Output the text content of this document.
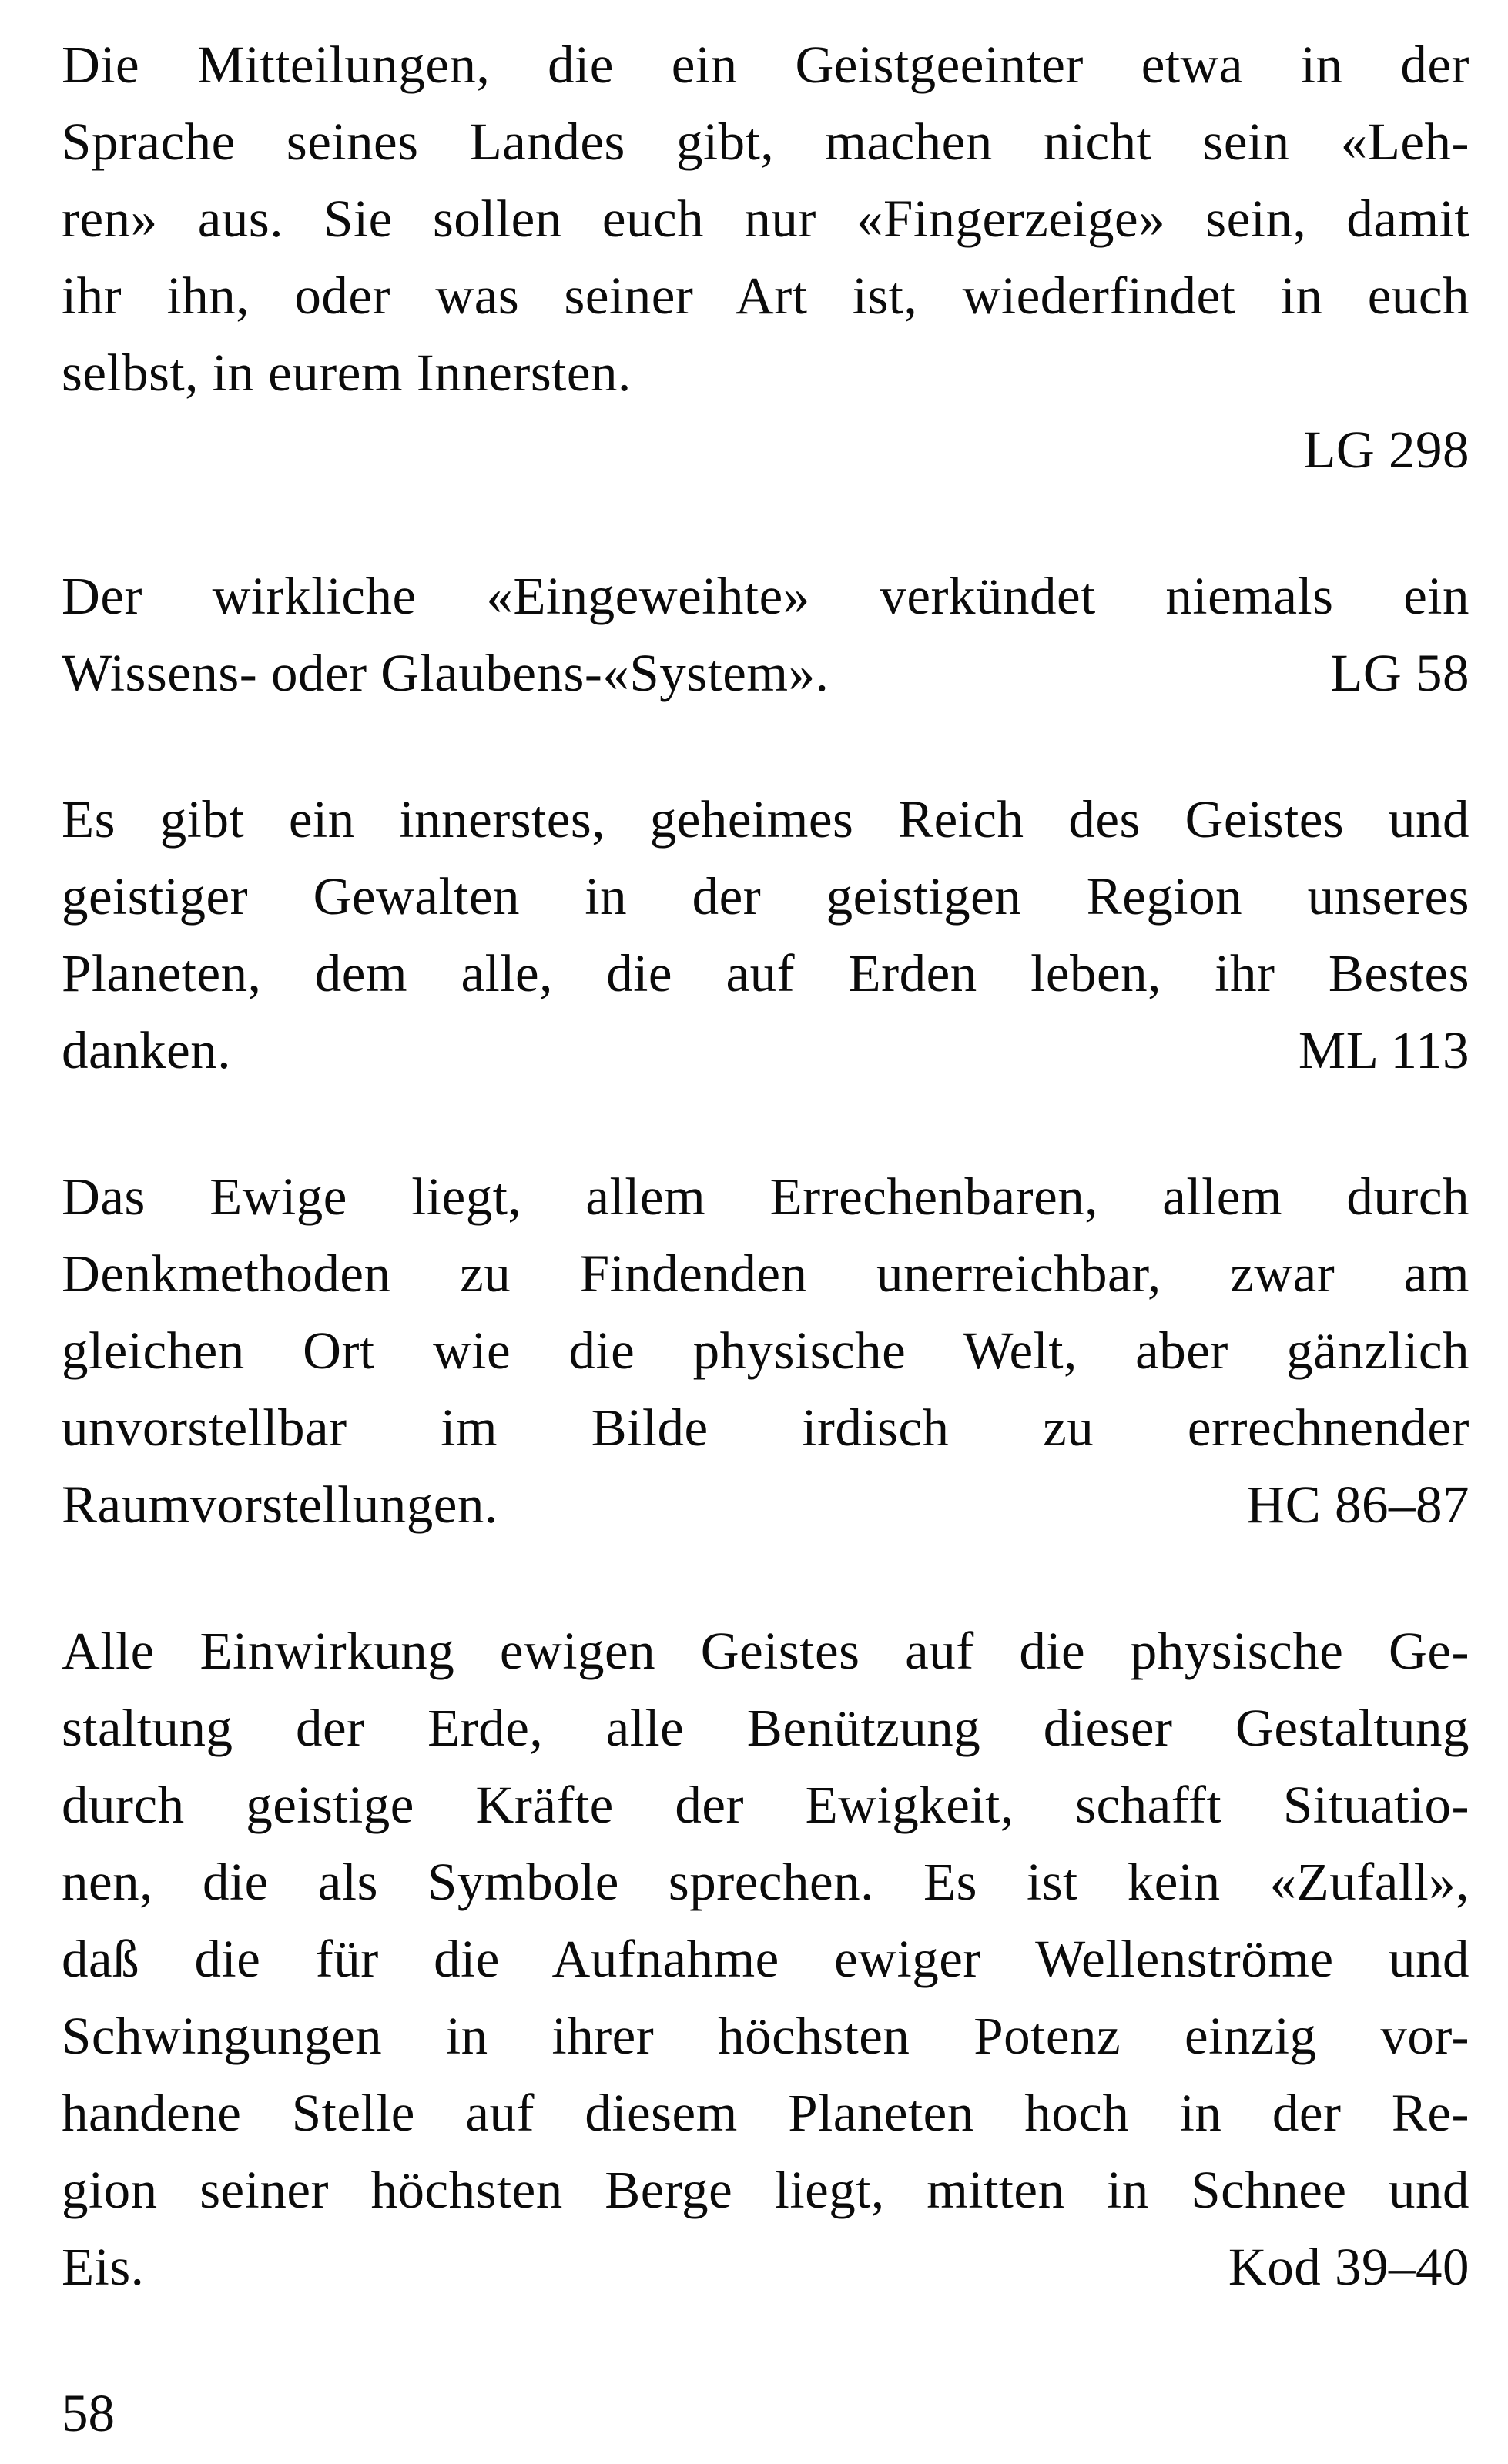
Die Mitteilungen, die ein Geistgeeinter etwa in der
Sprache seines Landes gibt, machen nicht sein «Leh-
ren» aus. Sie sollen euch nur «Fingerzeige» sein, damit
ihr ihn, oder was seiner Art ist, wiederfindet in euch
selbst, in eurem Innersten.
LG 298
Der wirkliche «Eingeweihte» verkündet niemals ein
Wissens- oder Glaubens-«System».	LG 58
Es gibt ein innerstes, geheimes Reich des Geistes und
geistiger Gewalten in der geistigen Region unseres
Planeten, dem alle, die auf Erden leben, ihr Bestes
danken.	ML 113
Das Ewige liegt, allem Errechenbaren, allem durch
Denkmethoden zu Findenden unerreichbar, zwar am
gleichen Ort wie die physische Welt, aber gänzlich
unvorstellbar im Bilde irdisch zu errechnender
Raumvorstellungen.	HC 86–87
Alle Einwirkung ewigen Geistes auf die physische Ge-
staltung der Erde, alle Benützung dieser Gestaltung
durch geistige Kräfte der Ewigkeit, schafft Situatio-
nen, die als Symbole sprechen. Es ist kein «Zufall»,
daß die für die Aufnahme ewiger Wellenströme und
Schwingungen in ihrer höchsten Potenz einzig vor-
handene Stelle auf diesem Planeten hoch in der Re-
gion seiner höchsten Berge liegt, mitten in Schnee und
Eis.	Kod 39–40
58
